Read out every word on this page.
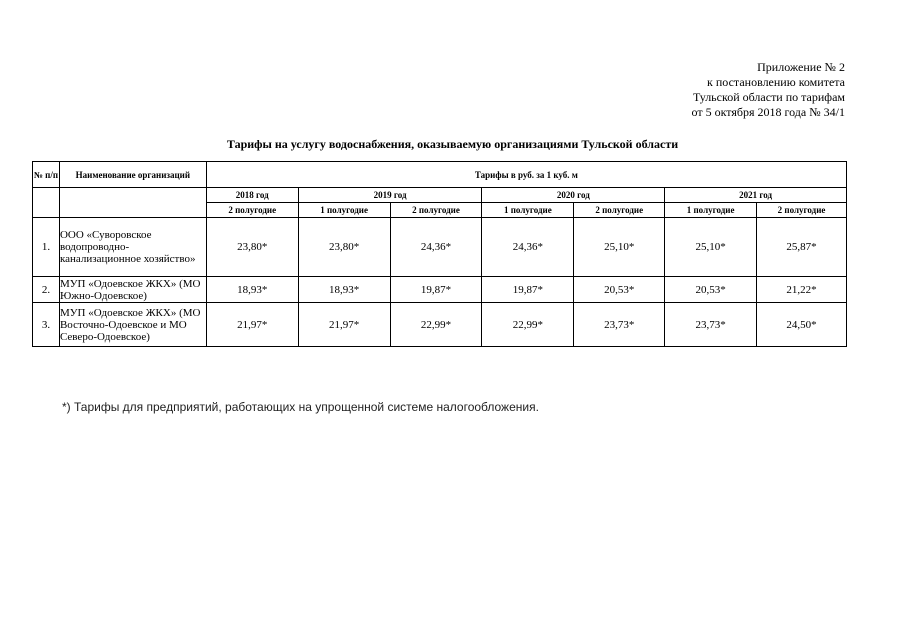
Приложение № 2
к постановлению комитета
Тульской области по тарифам
от 5 октября 2018 года № 34/1
Тарифы на услугу водоснабжения, оказываемую организациями Тульской области
№ п/п	Наименование организаций	Тарифы в руб. за 1 куб. м						
		2018 год	2019 год		2020 год		2021 год	
		2 полугодие	1 полугодие	2 полугодие	1 полугодие	2 полугодие	1 полугодие	2 полугодие
1.	ООО «Суворовское водопроводно-канализационное хозяйство»	23,80*	23,80*	24,36*	24,36*	25,10*	25,10*	25,87*
2.	МУП «Одоевское ЖКХ» (МО Южно-Одоевское)	18,93*	18,93*	19,87*	19,87*	20,53*	20,53*	21,22*
3.	МУП «Одоевское ЖКХ» (МО Восточно-Одоевское и МО Северо-Одоевское)	21,97*	21,97*	22,99*	22,99*	23,73*	23,73*	24,50*
*) Тарифы для предприятий, работающих на упрощенной системе налогообложения.
